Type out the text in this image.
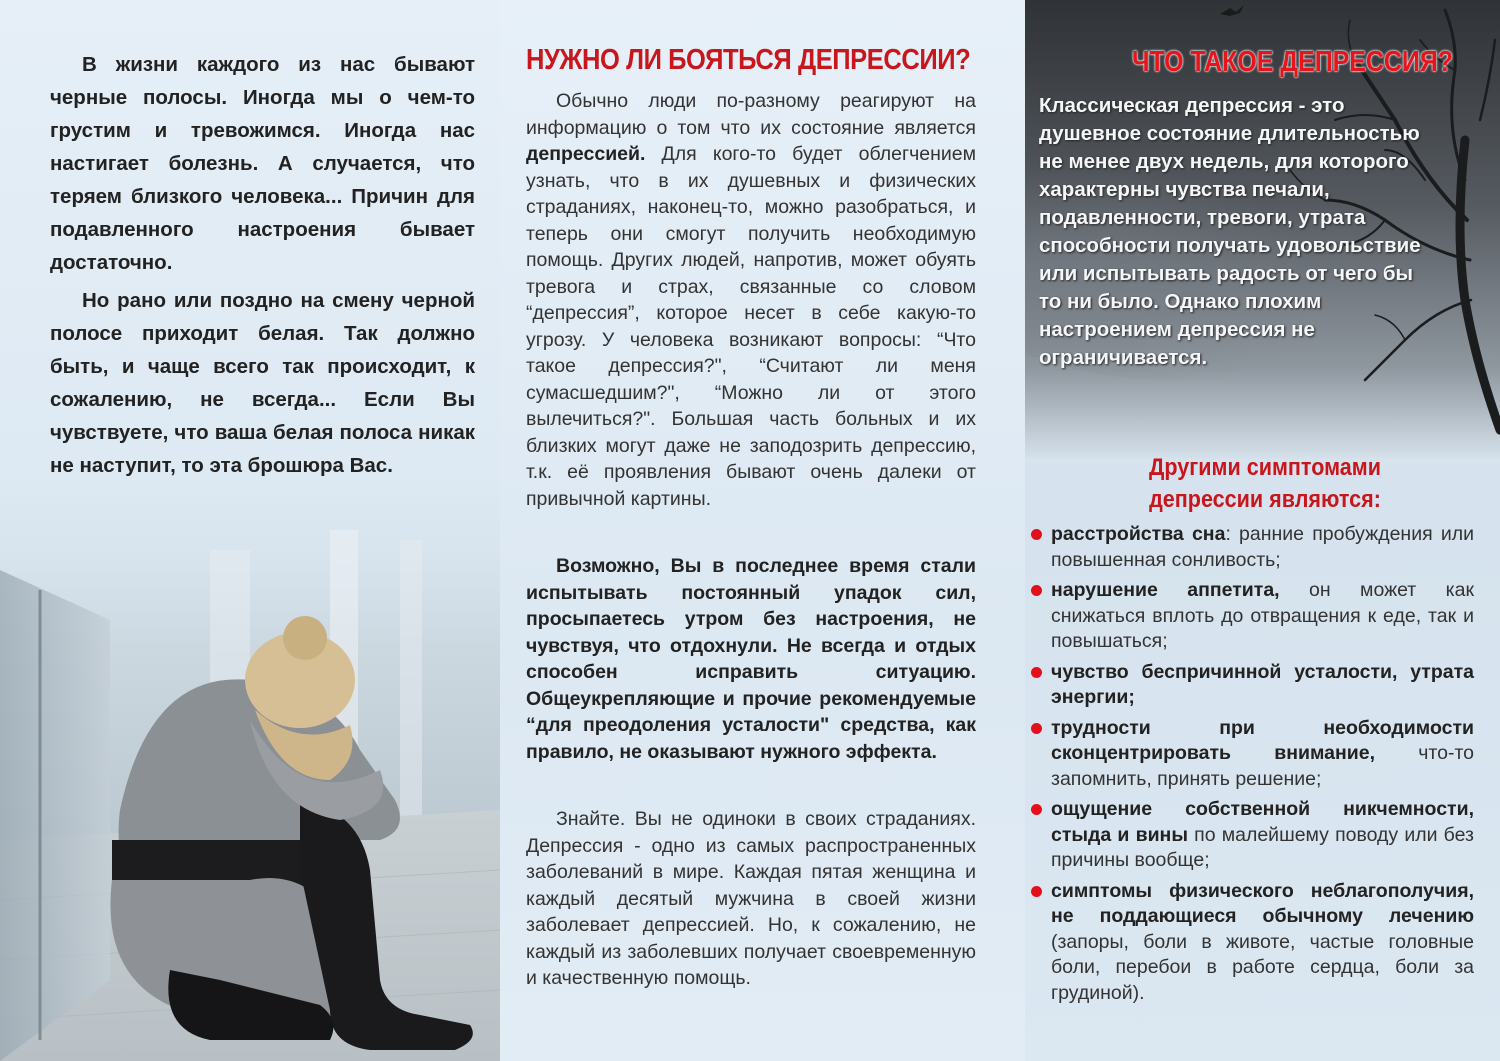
В жизни каждого из нас бывают черные полосы. Иногда мы о чем-то грустим и тревожимся. Иногда нас настигает болезнь. А случается, что теряем близкого человека... Причин для подавленного настроения бывает достаточно.

Но рано или поздно на смену черной полосе приходит белая. Так должно быть, и чаще всего так происходит, к сожалению, не всегда... Если Вы чувствуете, что ваша белая полоса никак не наступит, то эта брошюра Вас.

ЧТО ТАКОЕ ДЕПРЕССИЯ?

Классическая депрессия - это душевное состояние длительностью не менее двух недель, для которого характерны чувства печали, подавленности, тревоги, утрата способности получать удовольствие или испытывать радость от чего бы то ни было. Однако плохим настроением депрессия не ограничивается.

Другими симптомами депрессии являются:
расстройства сна: ранние пробуждения или повышенная сонливость;
нарушение аппетита, он может как снижаться вплоть до отвращения к еде, так и повышаться;
чувство беспричинной усталости, утрата энергии;
трудности при необходимости сконцентрировать внимание, что-то запомнить, принять решение;
ощущение собственной никчемности, стыда и вины по малейшему поводу или без причины вообще;
симптомы физического неблагополучия, не поддающиеся обычному лечению (запоры, боли в животе, частые головные боли, перебои в работе сердца, боли за грудиной).
НУЖНО ЛИ БОЯТЬСЯ ДЕПРЕССИИ?

Обычно люди по-разному реагируют на информацию о том что их состояние является депрессией. Для кого-то будет облегчением узнать, что в их душевных и физических страданиях, наконец-то, можно разобраться, и теперь они смогут получить необходимую помощь. Других людей, напротив, может обуять тревога и страх, связанные со словом “депрессия”, которое несет в себе какую-то угрозу. У человека возникают вопросы: “Что такое депрессия?", “Считают ли меня сумасшедшим?", “Можно ли от этого вылечиться?". Большая часть больных и их близких могут даже не заподозрить депрессию, т.к. её проявления бывают очень далеки от привычной картины.

Возможно, Вы в последнее время стали испытывать постоянный упадок сил, просыпаетесь утром без настроения, не чувствуя, что отдохнули. Не всегда и отдых способен исправить ситуацию. Общеукрепляющие и прочие рекомендуемые “для преодоления усталости" средства, как правило, не оказывают нужного эффекта.

Знайте. Вы не одиноки в своих страданиях. Депрессия - одно из самых распространенных заболеваний в мире. Каждая пятая женщина и каждый десятый мужчина в своей жизни заболевает депрессией. Но, к сожалению, не каждый из заболевших получает своевременную и качественную помощь.
